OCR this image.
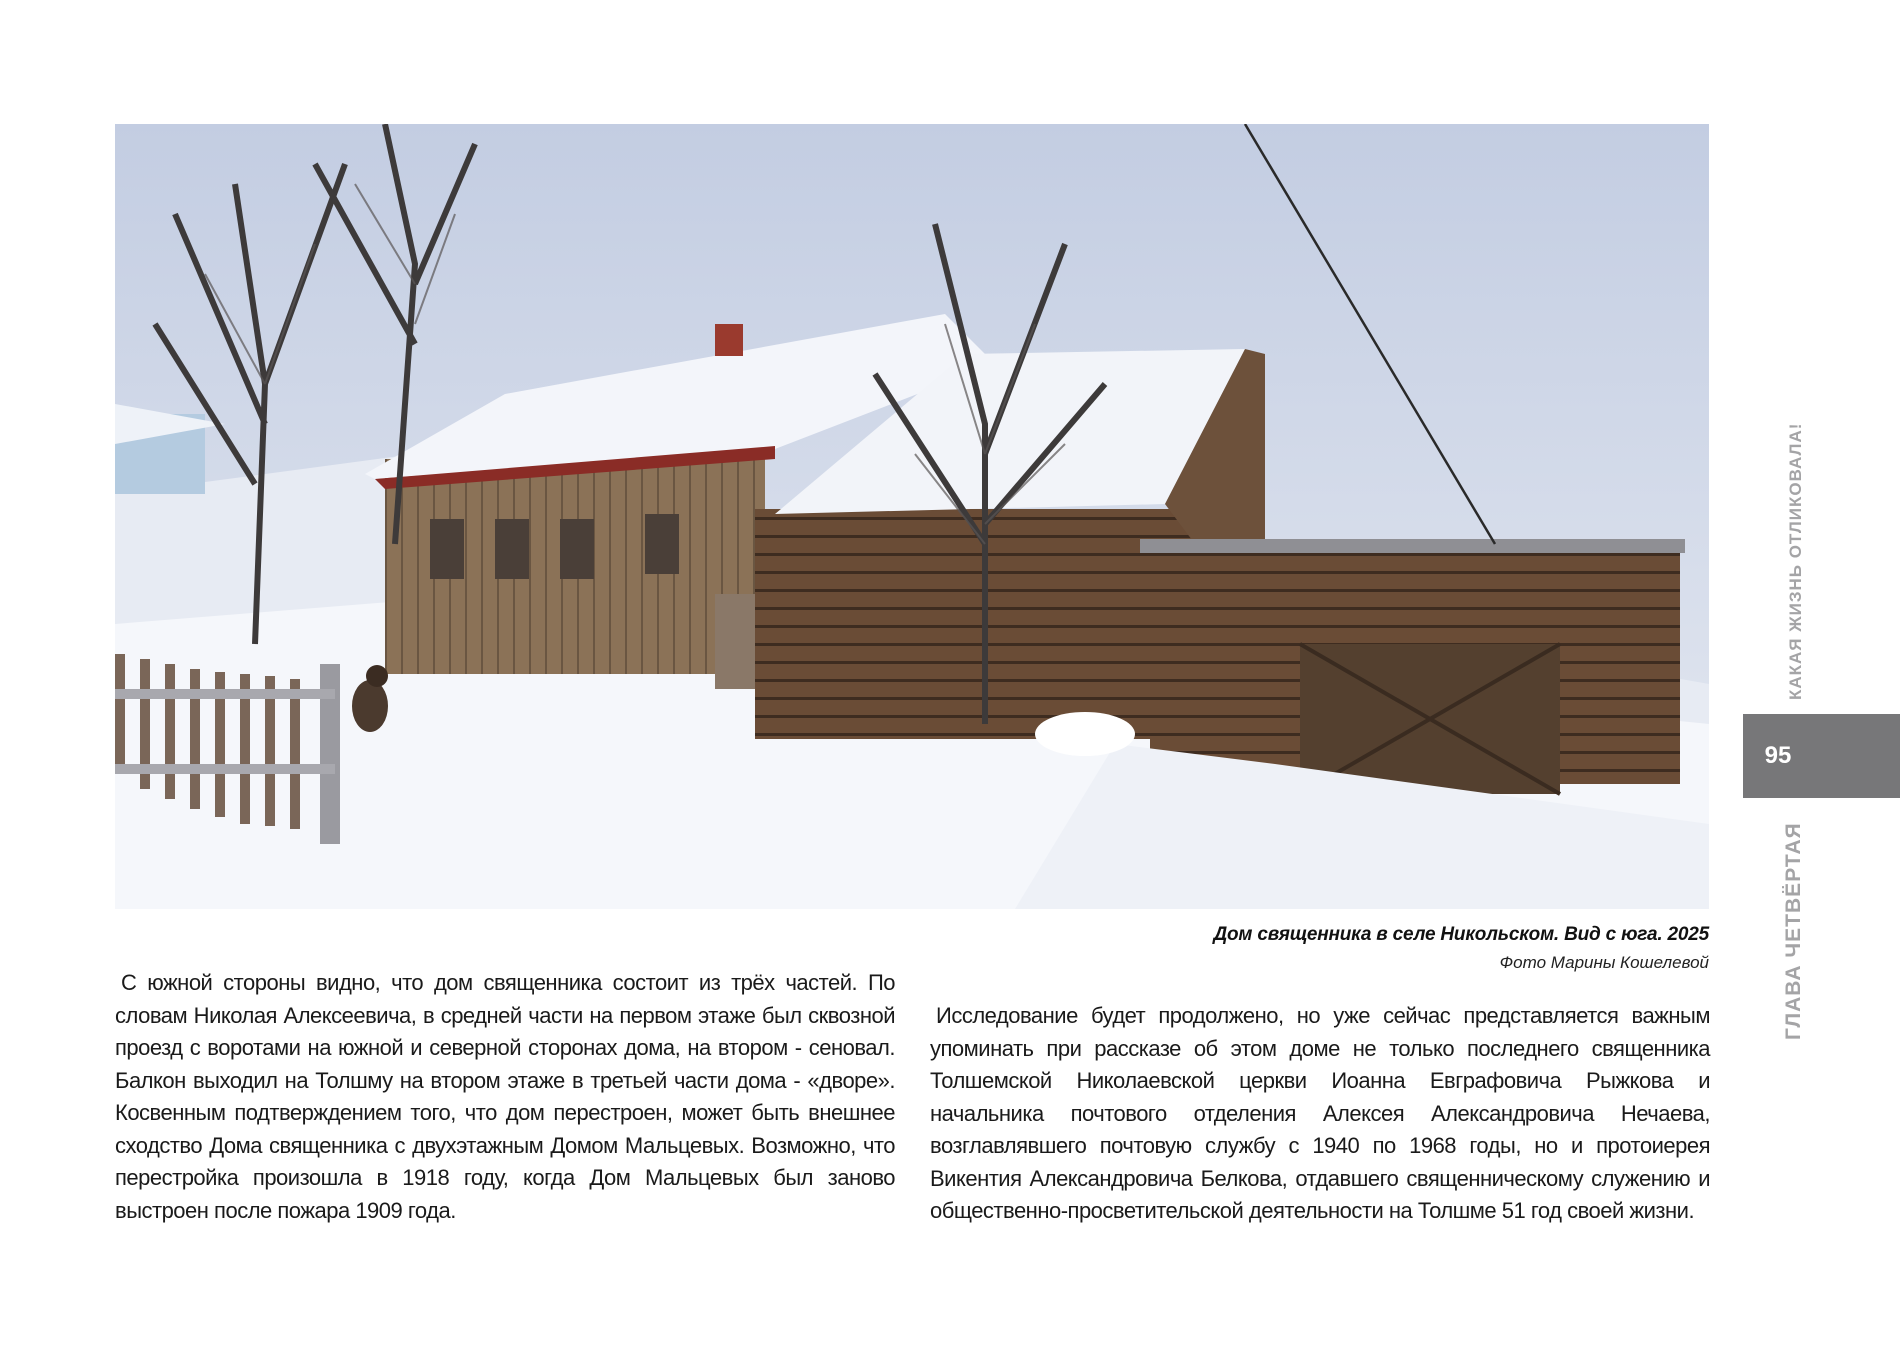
Дом священника в селе Никольском. Вид с юга. 2025
Фото Марины Кошелевой

С южной стороны видно, что дом священника состоит из трёх частей. По словам Николая Алексеевича, в средней части на первом этаже был сквозной проезд с воротами на южной и северной сторонах дома, на втором - сеновал. Балкон выходил на Толшму на втором этаже в третьей части дома - «дворе». Косвенным подтверждением того, что дом перестроен, может быть внешнее сходство Дома священника с двухэтажным Домом Мальцевых. Возможно, что перестройка произошла в 1918 году, когда Дом Мальцевых был заново выстроен после пожара 1909 года.

Исследование будет продолжено, но уже сейчас представляется важным упоминать при рассказе об этом доме не только последнего священника Толшемской Николаевской церкви Иоанна Евграфовича Рыжкова и начальника почтового отделения Алексея Александровича Нечаева, возглавлявшего почтовую службу с 1940 по 1968 годы, но и протоиерея Викентия Александровича Белкова, отдавшего священническому служению и общественно-просветительской деятельности на Толшме 51 год своей жизни.

95
КАКАЯ ЖИЗНЬ ОТЛИКОВАЛА!
ГЛАВА ЧЕТВЁРТАЯ
